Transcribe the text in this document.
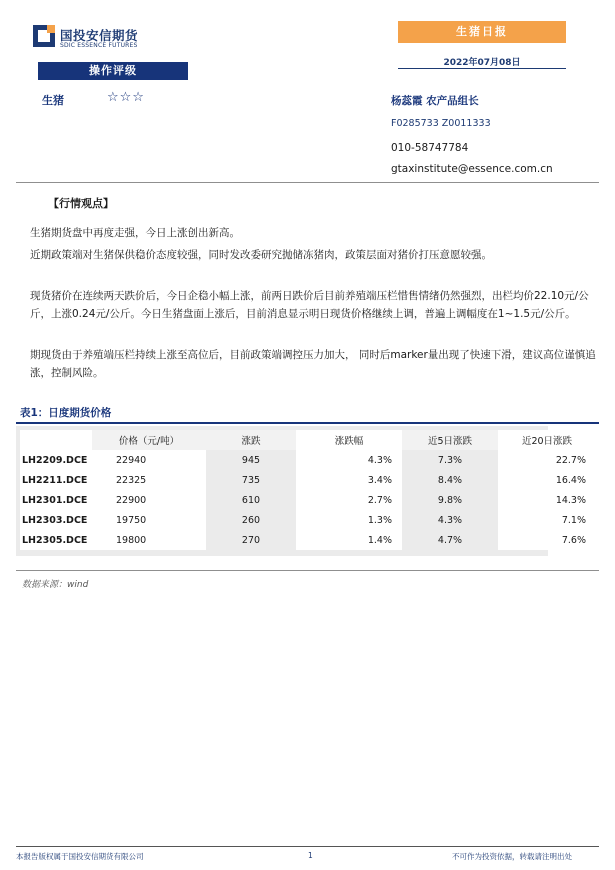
国投安信期货
SDIC ESSENCE FUTURES
生猪日报
2022年07月08日
操作评级
生猪	☆☆☆	杨蕊霞 农产品组长
F0285733 Z0011333
010-58747784
gtaxinstitute@essence.com.cn
【行情观点】
生猪期货盘中再度走强，今日上涨创出新高。
近期政策端对生猪保供稳价态度较强，同时发改委研究抛储冻猪肉，政策层面对猪价打压意愿较强。
现货猪价在连续两天跌价后，今日企稳小幅上涨，前两日跌价后目前养殖端压栏惜售情绪仍然强烈，出栏均价22.10元/公斤，上涨0.24元/公斤。今日生猪盘面上涨后，目前消息显示明日现货价格继续上调，普遍上调幅度在1~1.5元/公斤。
期现货由于养殖端压栏持续上涨至高位后，目前政策端调控压力加大， 同时后marker量出现了快速下滑，建议高位谨慎追涨，控制风险。
表1：日度期货价格
	价格（元/吨）	涨跌	涨跌幅	近5日涨跌	近20日涨跌
LH2209.DCE	22940	945	4.3%	7.3%	22.7%
LH2211.DCE	22325	735	3.4%	8.4%	16.4%
LH2301.DCE	22900	610	2.7%	9.8%	14.3%
LH2303.DCE	19750	260	1.3%	4.3%	7.1%
LH2305.DCE	19800	270	1.4%	4.7%	7.6%
数据来源：wind
本报告版权属于国投安信期货有限公司	1	不可作为投资依据，转载请注明出处
